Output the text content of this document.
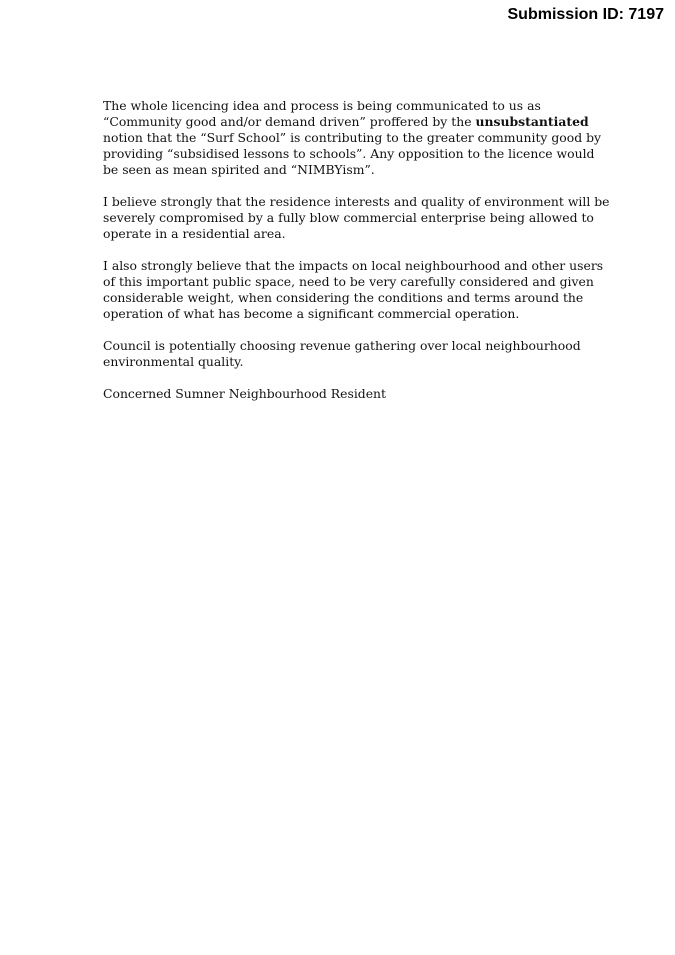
Submission ID: 7197

The whole licencing idea and process is being communicated to us as
“Community good and/or demand driven” proffered by the unsubstantiated
notion that the “Surf School” is contributing to the greater community good by
providing “subsidised lessons to schools”. Any opposition to the licence would
be seen as mean spirited and “NIMBYism”.

I believe strongly that the residence interests and quality of environment will be
severely compromised by a fully blow commercial enterprise being allowed to
operate in a residential area.

I also strongly believe that the impacts on local neighbourhood and other users
of this important public space, need to be very carefully considered and given
considerable weight, when considering the conditions and terms around the
operation of what has become a significant commercial operation.

Council is potentially choosing revenue gathering over local neighbourhood
environmental quality.

Concerned Sumner Neighbourhood Resident
